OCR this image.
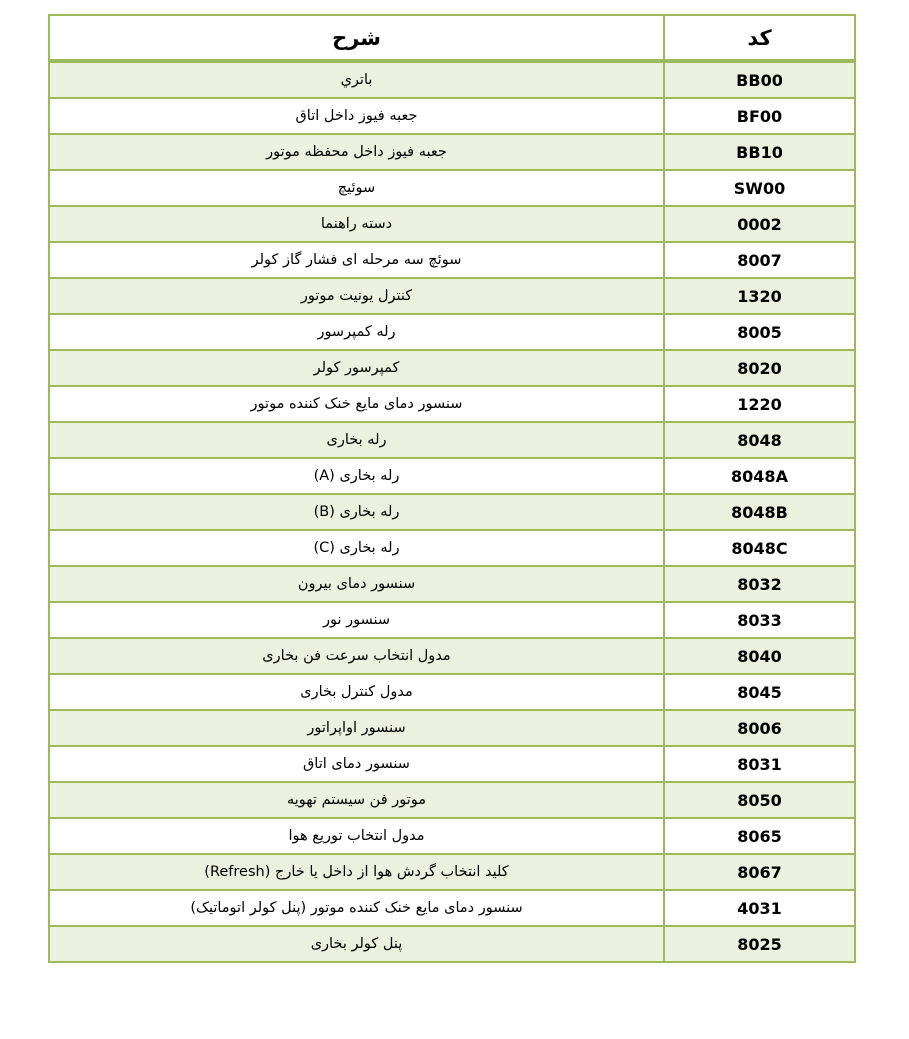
کد	شرح
BB00	باتري
BF00	جعبه فیوز داخل اتاق
BB10	جعبه فیوز داخل محفظه موتور
SW00	سوئیچ
0002	دسته راهنما
8007	سوئچ سه مرحله ای فشار گاز کولر
1320	کنترل یونیت موتور
8005	رله کمپرسور
8020	کمپرسور کولر
1220	سنسور دمای مایع خنک کننده موتور
8048	رله بخاری
8048A	رله بخاری (A)
8048B	رله بخاری (B)
8048C	رله بخاری (C)
8032	سنسور دمای بیرون
8033	سنسور نور
8040	مدول انتخاب سرعت فن بخاری
8045	مدول کنترل بخاری
8006	سنسور اواپراتور
8031	سنسور دمای اتاق
8050	موتور فن سیستم تهویه
8065	مدول انتخاب توریع هوا
8067	کلید انتخاب گردش هوا از داخل یا خارج (Refresh)
4031	سنسور دمای مایع خنک کننده موتور (پنل کولر اتوماتیک)
8025	پنل کولر بخاری
